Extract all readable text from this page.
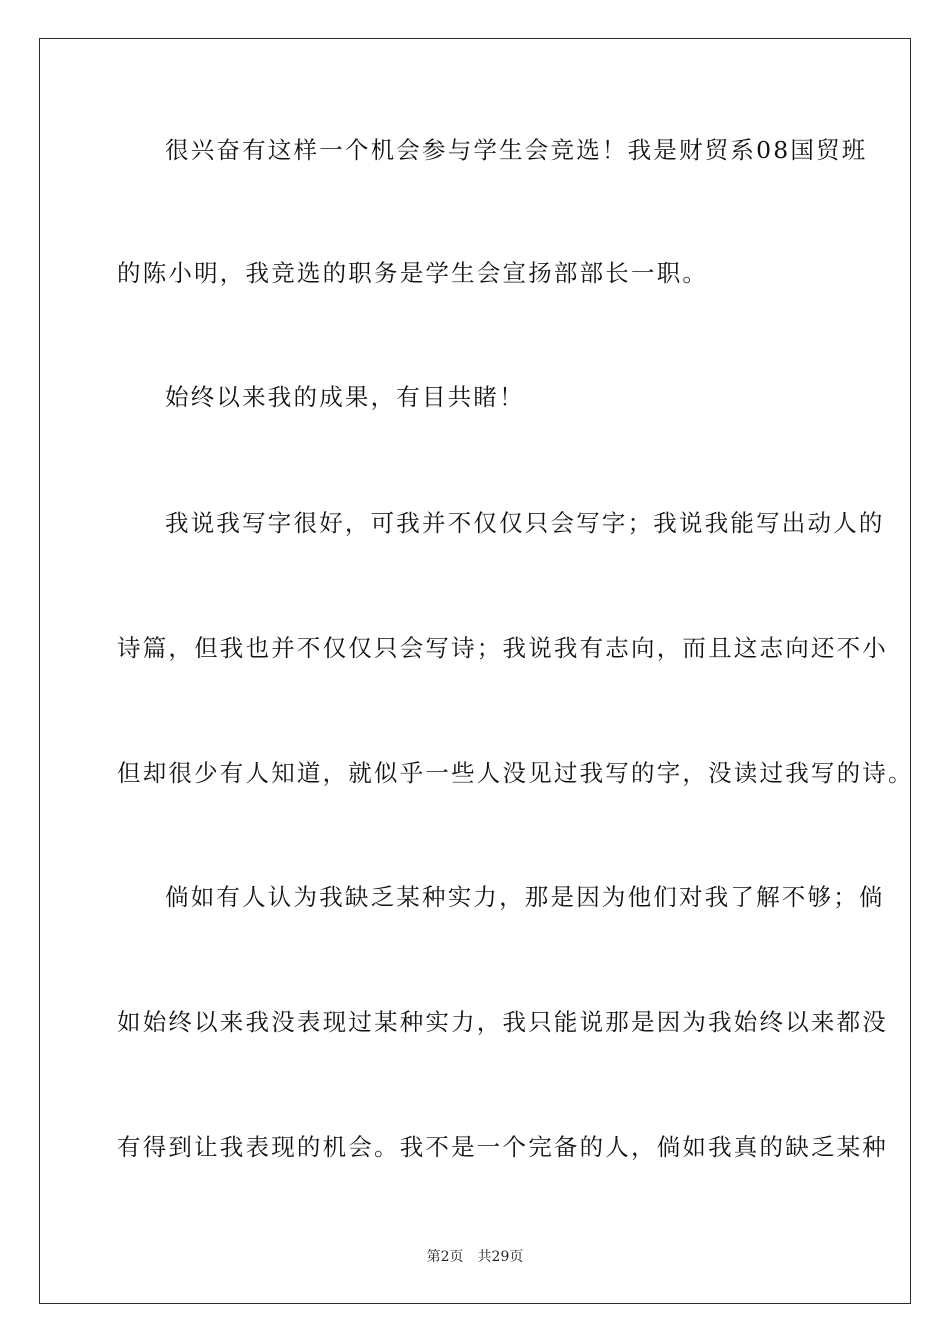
很兴奋有这样一个机会参与学生会竞选！我是财贸系08国贸班
的陈小明，我竞选的职务是学生会宣扬部部长一职。
始终以来我的成果，有目共睹！
我说我写字很好，可我并不仅仅只会写字；我说我能写出动人的
诗篇，但我也并不仅仅只会写诗；我说我有志向，而且这志向还不小
但却很少有人知道，就似乎一些人没见过我写的字，没读过我写的诗。
倘如有人认为我缺乏某种实力，那是因为他们对我了解不够；倘
如始终以来我没表现过某种实力，我只能说那是因为我始终以来都没
有得到让我表现的机会。我不是一个完备的人，倘如我真的缺乏某种
第2页 共29页
